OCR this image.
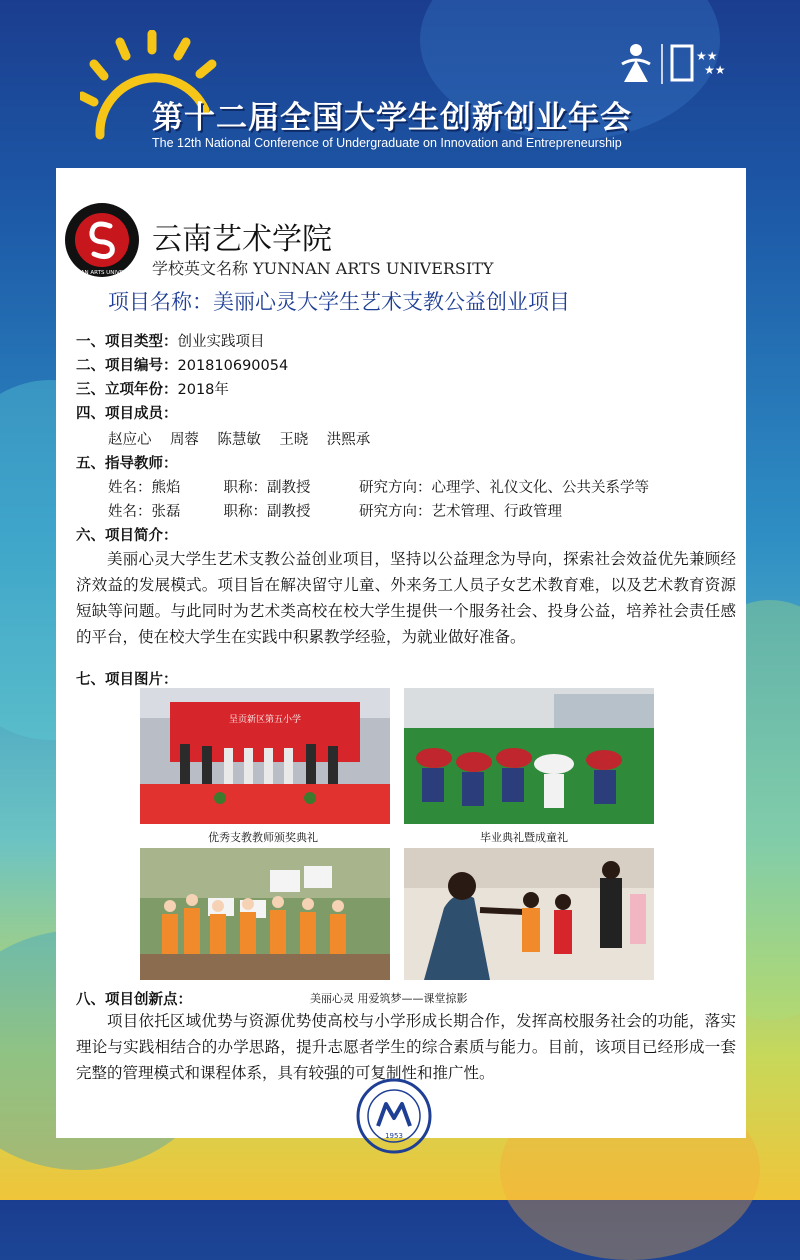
★★
★★
第十二届全国大学生创新创业年会
The 12th National Conference of Undergraduate on Innovation and Entrepreneurship
YUNNAN ARTS UNIVERSITY
云南艺术学院
学校英文名称 YUNNAN ARTS UNIVERSITY
项目名称：美丽心灵大学生艺术支教公益创业项目
一、项目类型：创业实践项目
二、项目编号：201810690054
三、立项年份：2018年
四、项目成员：
赵应心 周蓉 陈慧敏 王晓 洪熙承
五、指导教师：
姓名：熊焰	职称：副教授	研究方向：心理学、礼仪文化、公共关系学等
姓名：张磊	职称：副教授	研究方向：艺术管理、行政管理
六、项目简介：
美丽心灵大学生艺术支教公益创业项目，坚持以公益理念为导向，探索社会效益优先兼顾经济效益的发展模式。项目旨在解决留守儿童、外来务工人员子女艺术教育难，以及艺术教育资源短缺等问题。与此同时为艺术类高校在校大学生提供一个服务社会、投身公益，培养社会责任感的平台，使在校大学生在实践中积累教学经验，为就业做好准备。
七、项目图片：
呈贡新区第五小学
优秀支教教师颁奖典礼	毕业典礼暨成童礼
美丽心灵 用爱筑梦——课堂掠影
八、项目创新点：
项目依托区域优势与资源优势使高校与小学形成长期合作，发挥高校服务社会的功能，落实理论与实践相结合的办学思路，提升志愿者学生的综合素质与能力。目前，该项目已经形成一套完整的管理模式和课程体系，具有较强的可复制性和推广性。
1953
